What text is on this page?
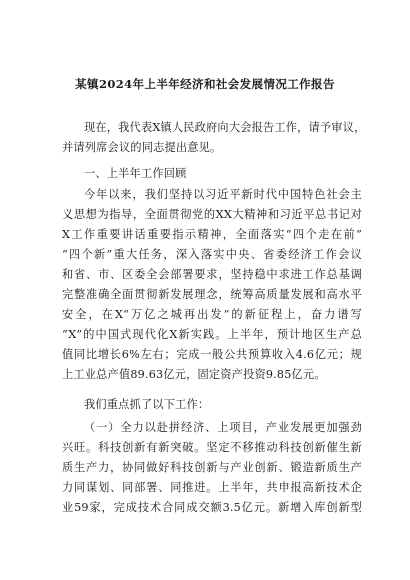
某镇2024年上半年经济和社会发展情况工作报告
现在，我代表X镇人民政府向大会报告工作，请予审议，
并请列席会议的同志提出意见。
一、上半年工作回顾
今年以来，我们坚持以习近平新时代中国特色社会主
义思想为指导，全面贯彻党的XX大精神和习近平总书记对
X工作重要讲话重要指示精神，全面落实“四个走在前”
“四个新”重大任务，深入落实中央、省委经济工作会议
和省、市、区委全会部署要求，坚持稳中求进工作总基调
完整准确全面贯彻新发展理念，统筹高质量发展和高水平
安全，在X“万亿之城再出发”的新征程上，奋力谱写
“X”的中国式现代化X新实践。上半年，预计地区生产总
值同比增长6%左右；完成一般公共预算收入4.6亿元；规
上工业总产值89.63亿元，固定资产投资9.85亿元。
我们重点抓了以下工作：
（一）全力以赴拼经济、上项目，产业发展更加强劲
兴旺。科技创新有新突破。坚定不移推动科技创新催生新
质生产力，协同做好科技创新与产业创新、锻造新质生产
力同谋划、同部署、同推进。上半年，共申报高新技术企
业59家，完成技术合同成交额3.5亿元。新增入库创新型
